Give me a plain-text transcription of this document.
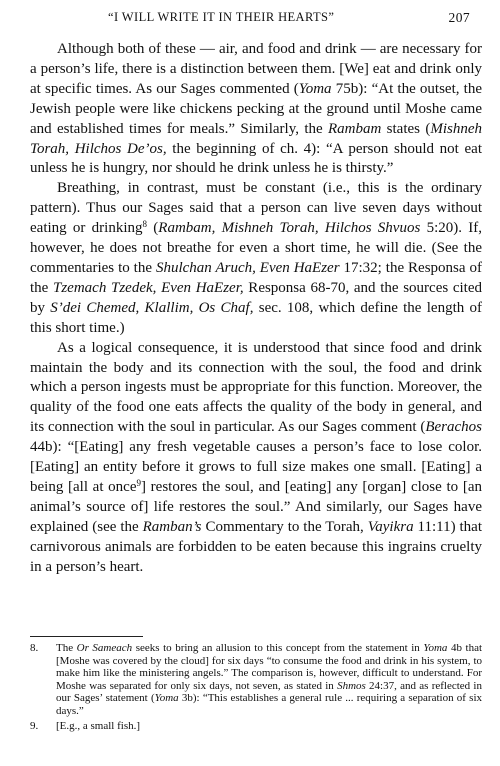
“I WILL WRITE IT IN THEIR HEARTS”	207

Although both of these — air, and food and drink — are necessary for a person’s life, there is a distinction between them. [We] eat and drink only at specific times. As our Sages commented (Yoma 75b): “At the outset, the Jewish people were like chickens pecking at the ground until Moshe came and established times for meals.” Similarly, the Rambam states (Mishneh Torah, Hilchos De’os, the beginning of ch. 4): “A person should not eat unless he is hungry, nor should he drink unless he is thirsty.”

Breathing, in contrast, must be constant (i.e., this is the ordinary pattern). Thus our Sages said that a person can live seven days without eating or drinking$^8$ (Rambam, Mishneh Torah, Hilchos Shvuos 5:20). If, however, he does not breathe for even a short time, he will die. (See the commentaries to the Shulchan Aruch, Even HaEzer 17:32; the Responsa of the Tzemach Tzedek, Even HaEzer, Responsa 68-70, and the sources cited by S’dei Chemed, Klallim, Os Chaf, sec. 108, which define the length of this short time.)

As a logical consequence, it is understood that since food and drink maintain the body and its connection with the soul, the food and drink which a person ingests must be appropriate for this function. Moreover, the quality of the food one eats affects the quality of the body in general, and its connection with the soul in particular. As our Sages comment (Berachos 44b): “[Eating] any fresh vegetable causes a person’s face to lose color. [Eating] an entity before it grows to full size makes one small. [Eating] a being [all at once$^9$] restores the soul, and [eating] any [organ] close to [an animal’s source of] life restores the soul.” And similarly, our Sages have explained (see the Ramban’s Commentary to the Torah, Vayikra 11:11) that carnivorous animals are forbidden to be eaten because this ingrains cruelty in a person’s heart.

8. The Or Sameach seeks to bring an allusion to this concept from the statement in Yoma 4b that [Moshe was covered by the cloud] for six days “to consume the food and drink in his system, to make him like the ministering angels.” The comparison is, however, difficult to understand. For Moshe was separated for only six days, not seven, as stated in Shmos 24:37, and as reflected in our Sages’ statement (Yoma 3b): “This establishes a general rule ... requiring a separation of six days.”
9. [E.g., a small fish.]
